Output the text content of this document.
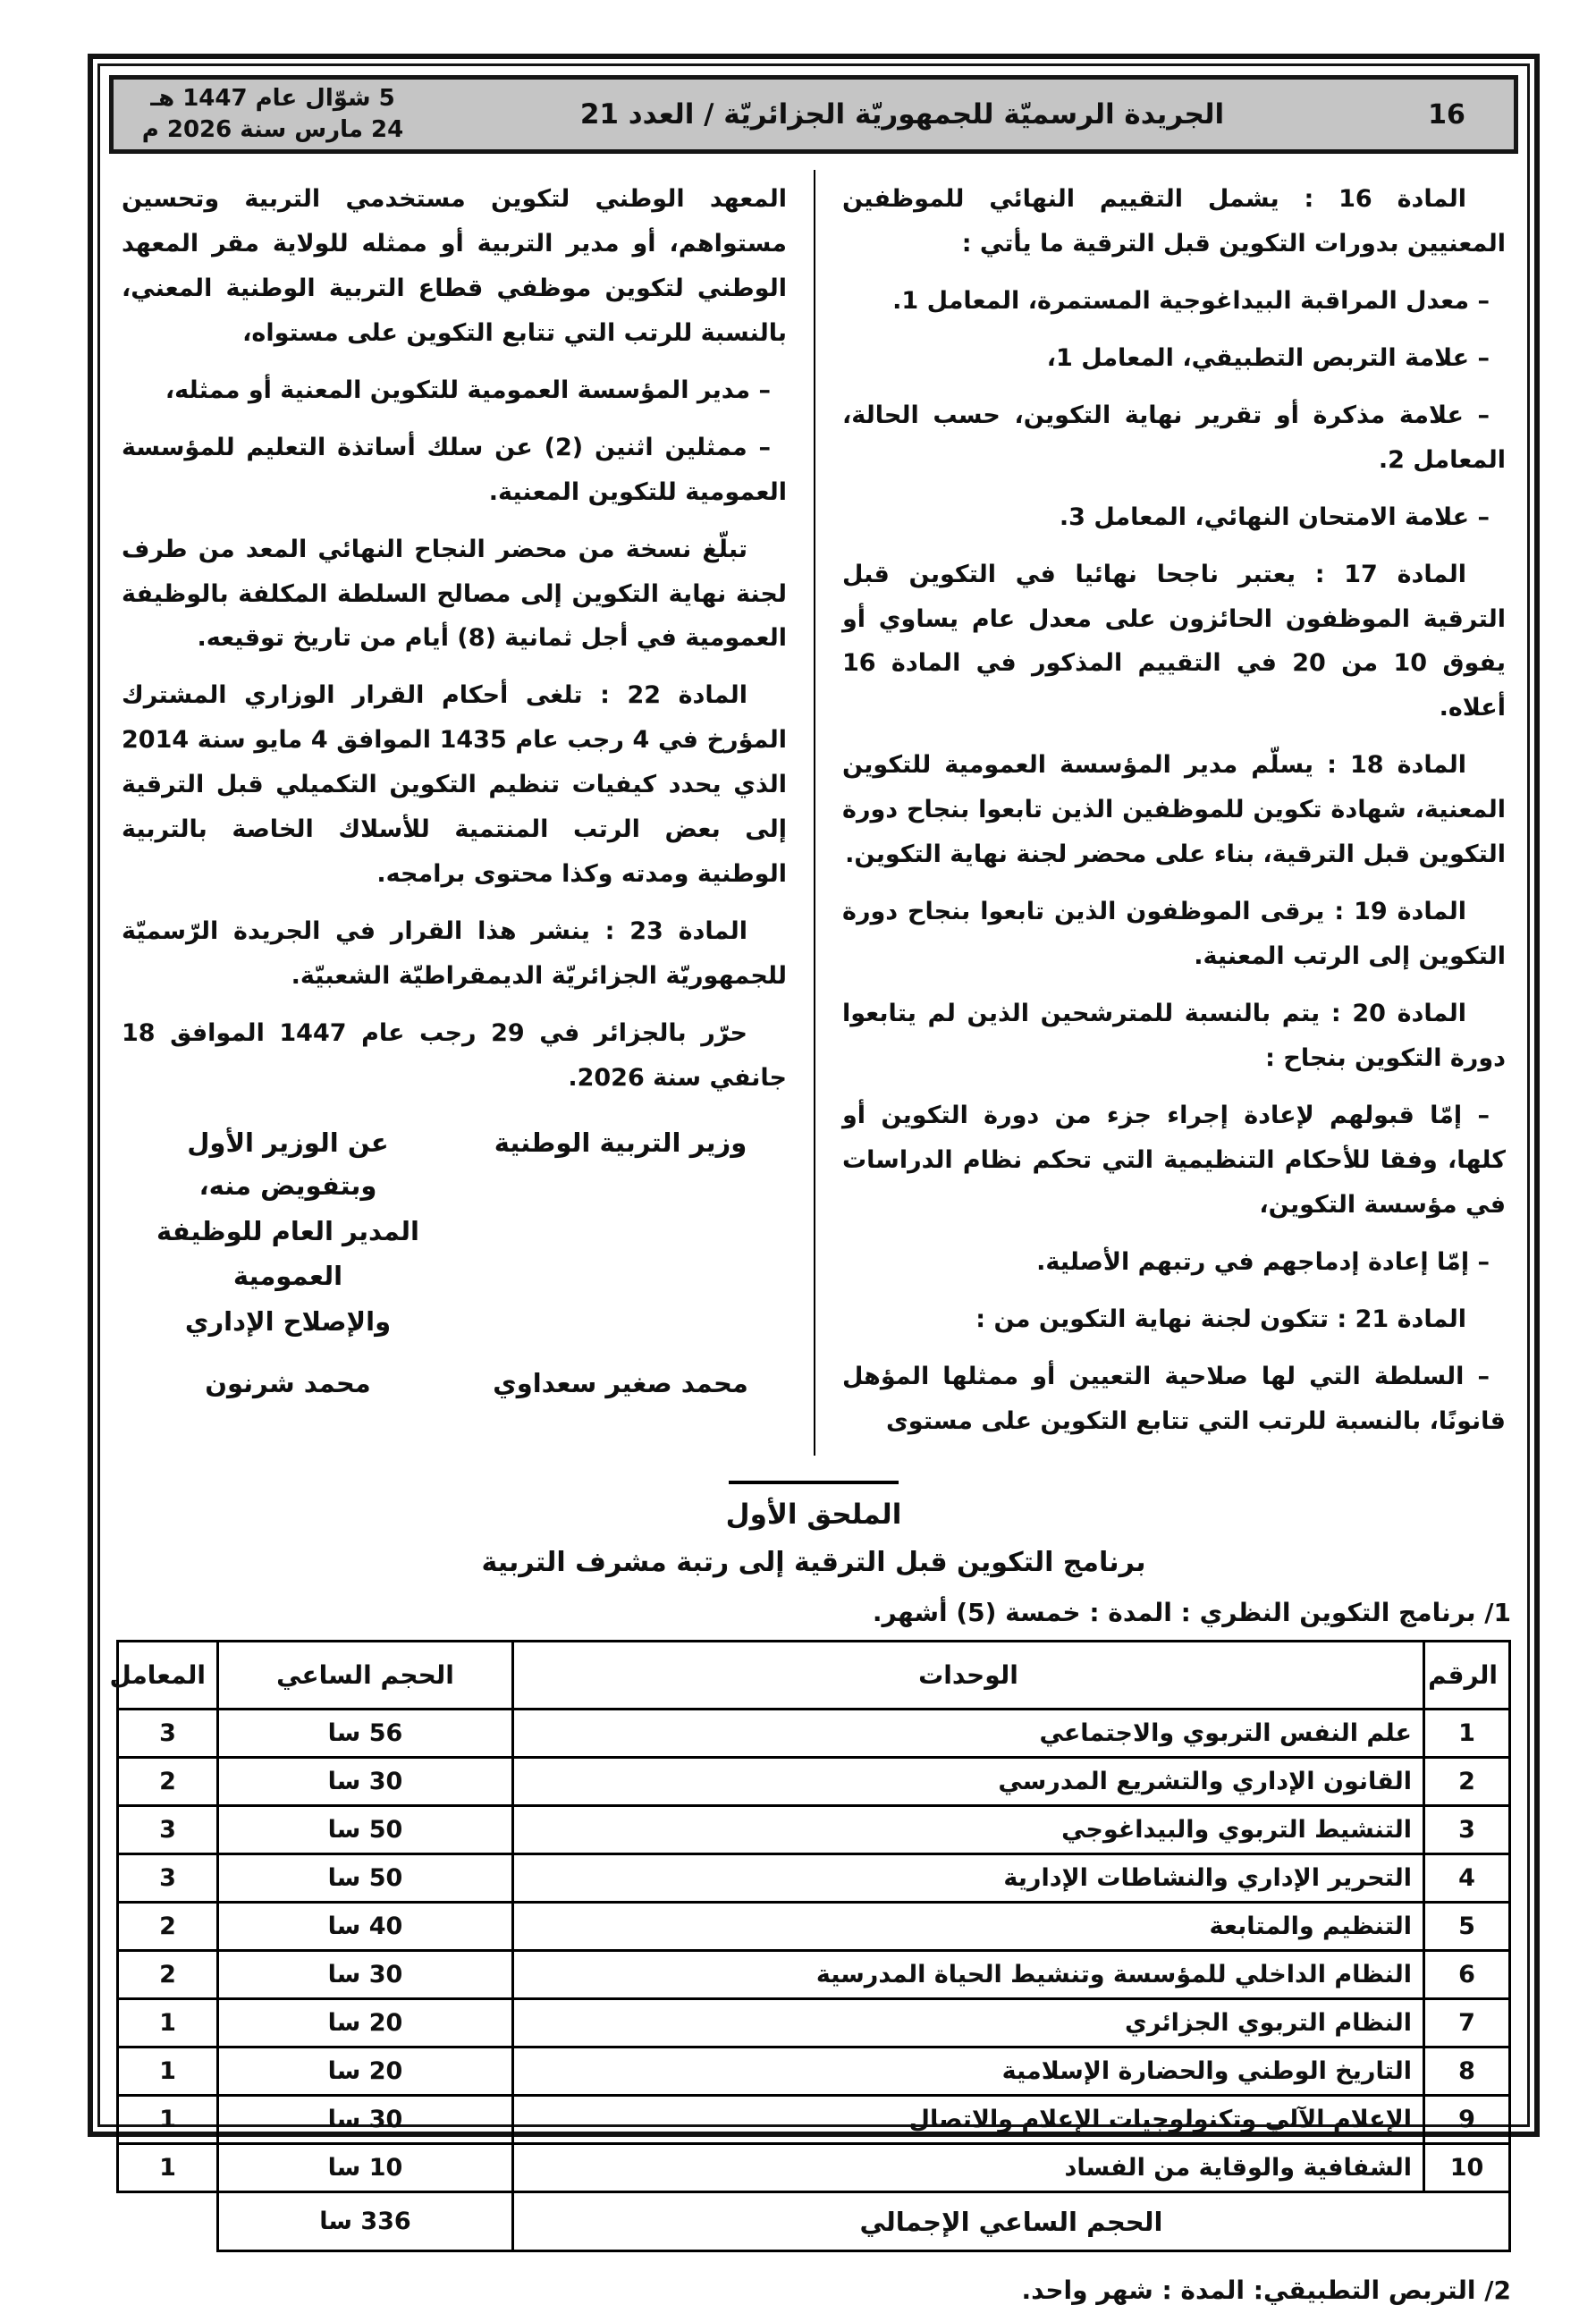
16
الجريدة الرسميّة للجمهوريّة الجزائريّة / العدد 21
5 شوّال عام 1447 هـ
24 مارس سنة 2026 م

المادة 16 : يشمل التقييم النهائي للموظفين المعنيين بدورات التكوين قبل الترقية ما يأتي :

– معدل المراقبة البيداغوجية المستمرة، المعامل 1.

– علامة التربص التطبيقي، المعامل 1،

– علامة مذكرة أو تقرير نهاية التكوين، حسب الحالة، المعامل 2.

– علامة الامتحان النهائي، المعامل 3.

المادة 17 : يعتبر ناجحا نهائيا في التكوين قبل الترقية الموظفون الحائزون على معدل عام يساوي أو يفوق 10 من 20 في التقييم المذكور في المادة 16 أعلاه.

المادة 18 : يسلّم مدير المؤسسة العمومية للتكوين المعنية، شهادة تكوين للموظفين الذين تابعوا بنجاح دورة التكوين قبل الترقية، بناء على محضر لجنة نهاية التكوين.

المادة 19 : يرقى الموظفون الذين تابعوا بنجاح دورة التكوين إلى الرتب المعنية.

المادة 20 : يتم بالنسبة للمترشحين الذين لم يتابعوا دورة التكوين بنجاح :

– إمّا قبولهم لإعادة إجراء جزء من دورة التكوين أو كلها، وفقا للأحكام التنظيمية التي تحكم نظام الدراسات في مؤسسة التكوين،

– إمّا إعادة إدماجهم في رتبهم الأصلية.

المادة 21 : تتكون لجنة نهاية التكوين من :

– السلطة التي لها صلاحية التعيين أو ممثلها المؤهل قانونًا، بالنسبة للرتب التي تتابع التكوين على مستوى

المعهد الوطني لتكوين مستخدمي التربية وتحسين مستواهم، أو مدير التربية أو ممثله للولاية مقر المعهد الوطني لتكوين موظفي قطاع التربية الوطنية المعني، بالنسبة للرتب التي تتابع التكوين على مستواه،

– مدير المؤسسة العمومية للتكوين المعنية أو ممثله،

– ممثلين اثنين (2) عن سلك أساتذة التعليم للمؤسسة العمومية للتكوين المعنية.

تبلّغ نسخة من محضر النجاح النهائي المعد من طرف لجنة نهاية التكوين إلى مصالح السلطة المكلفة بالوظيفة العمومية في أجل ثمانية (8) أيام من تاريخ توقيعه.

المادة 22 : تلغى أحكام القرار الوزاري المشترك المؤرخ في 4 رجب عام 1435 الموافق 4 مايو سنة 2014 الذي يحدد كيفيات تنظيم التكوين التكميلي قبل الترقية إلى بعض الرتب المنتمية للأسلاك الخاصة بالتربية الوطنية ومدته وكذا محتوى برامجه.

المادة 23 : ينشر هذا القرار في الجريدة الرّسميّة للجمهوريّة الجزائريّة الديمقراطيّة الشعبيّة.

حرّر بالجزائر في 29 رجب عام 1447 الموافق 18 جانفي سنة 2026.

وزير التربية الوطنية
عن الوزير الأول
وبتفويض منه،
المدير العام للوظيفة العمومية
والإصلاح الإداري
محمد صغير سعداوي
محمد شرنون
الملحق الأول
برنامج التكوين قبل الترقية إلى رتبة مشرف التربية
1/ برنامج التكوين النظري : المدة : خمسة (5) أشهر.
الرقم	الوحدات	الحجم الساعي	المعامل
1	علم النفس التربوي والاجتماعي	56 سا	3
2	القانون الإداري والتشريع المدرسي	30 سا	2
3	التنشيط التربوي والبيداغوجي	50 سا	3
4	التحرير الإداري والنشاطات الإدارية	50 سا	3
5	التنظيم والمتابعة	40 سا	2
6	النظام الداخلي للمؤسسة وتنشيط الحياة المدرسية	30 سا	2
7	النظام التربوي الجزائري	20 سا	1
8	التاريخ الوطني والحضارة الإسلامية	20 سا	1
9	الإعلام الآلي وتكنولوجيات الإعلام والاتصال	30 سا	1
10	الشفافية والوقاية من الفساد	10 سا	1
الحجم الساعي الإجمالي		336 سا	
2/ التربص التطبيقي: المدة : شهر واحد.
